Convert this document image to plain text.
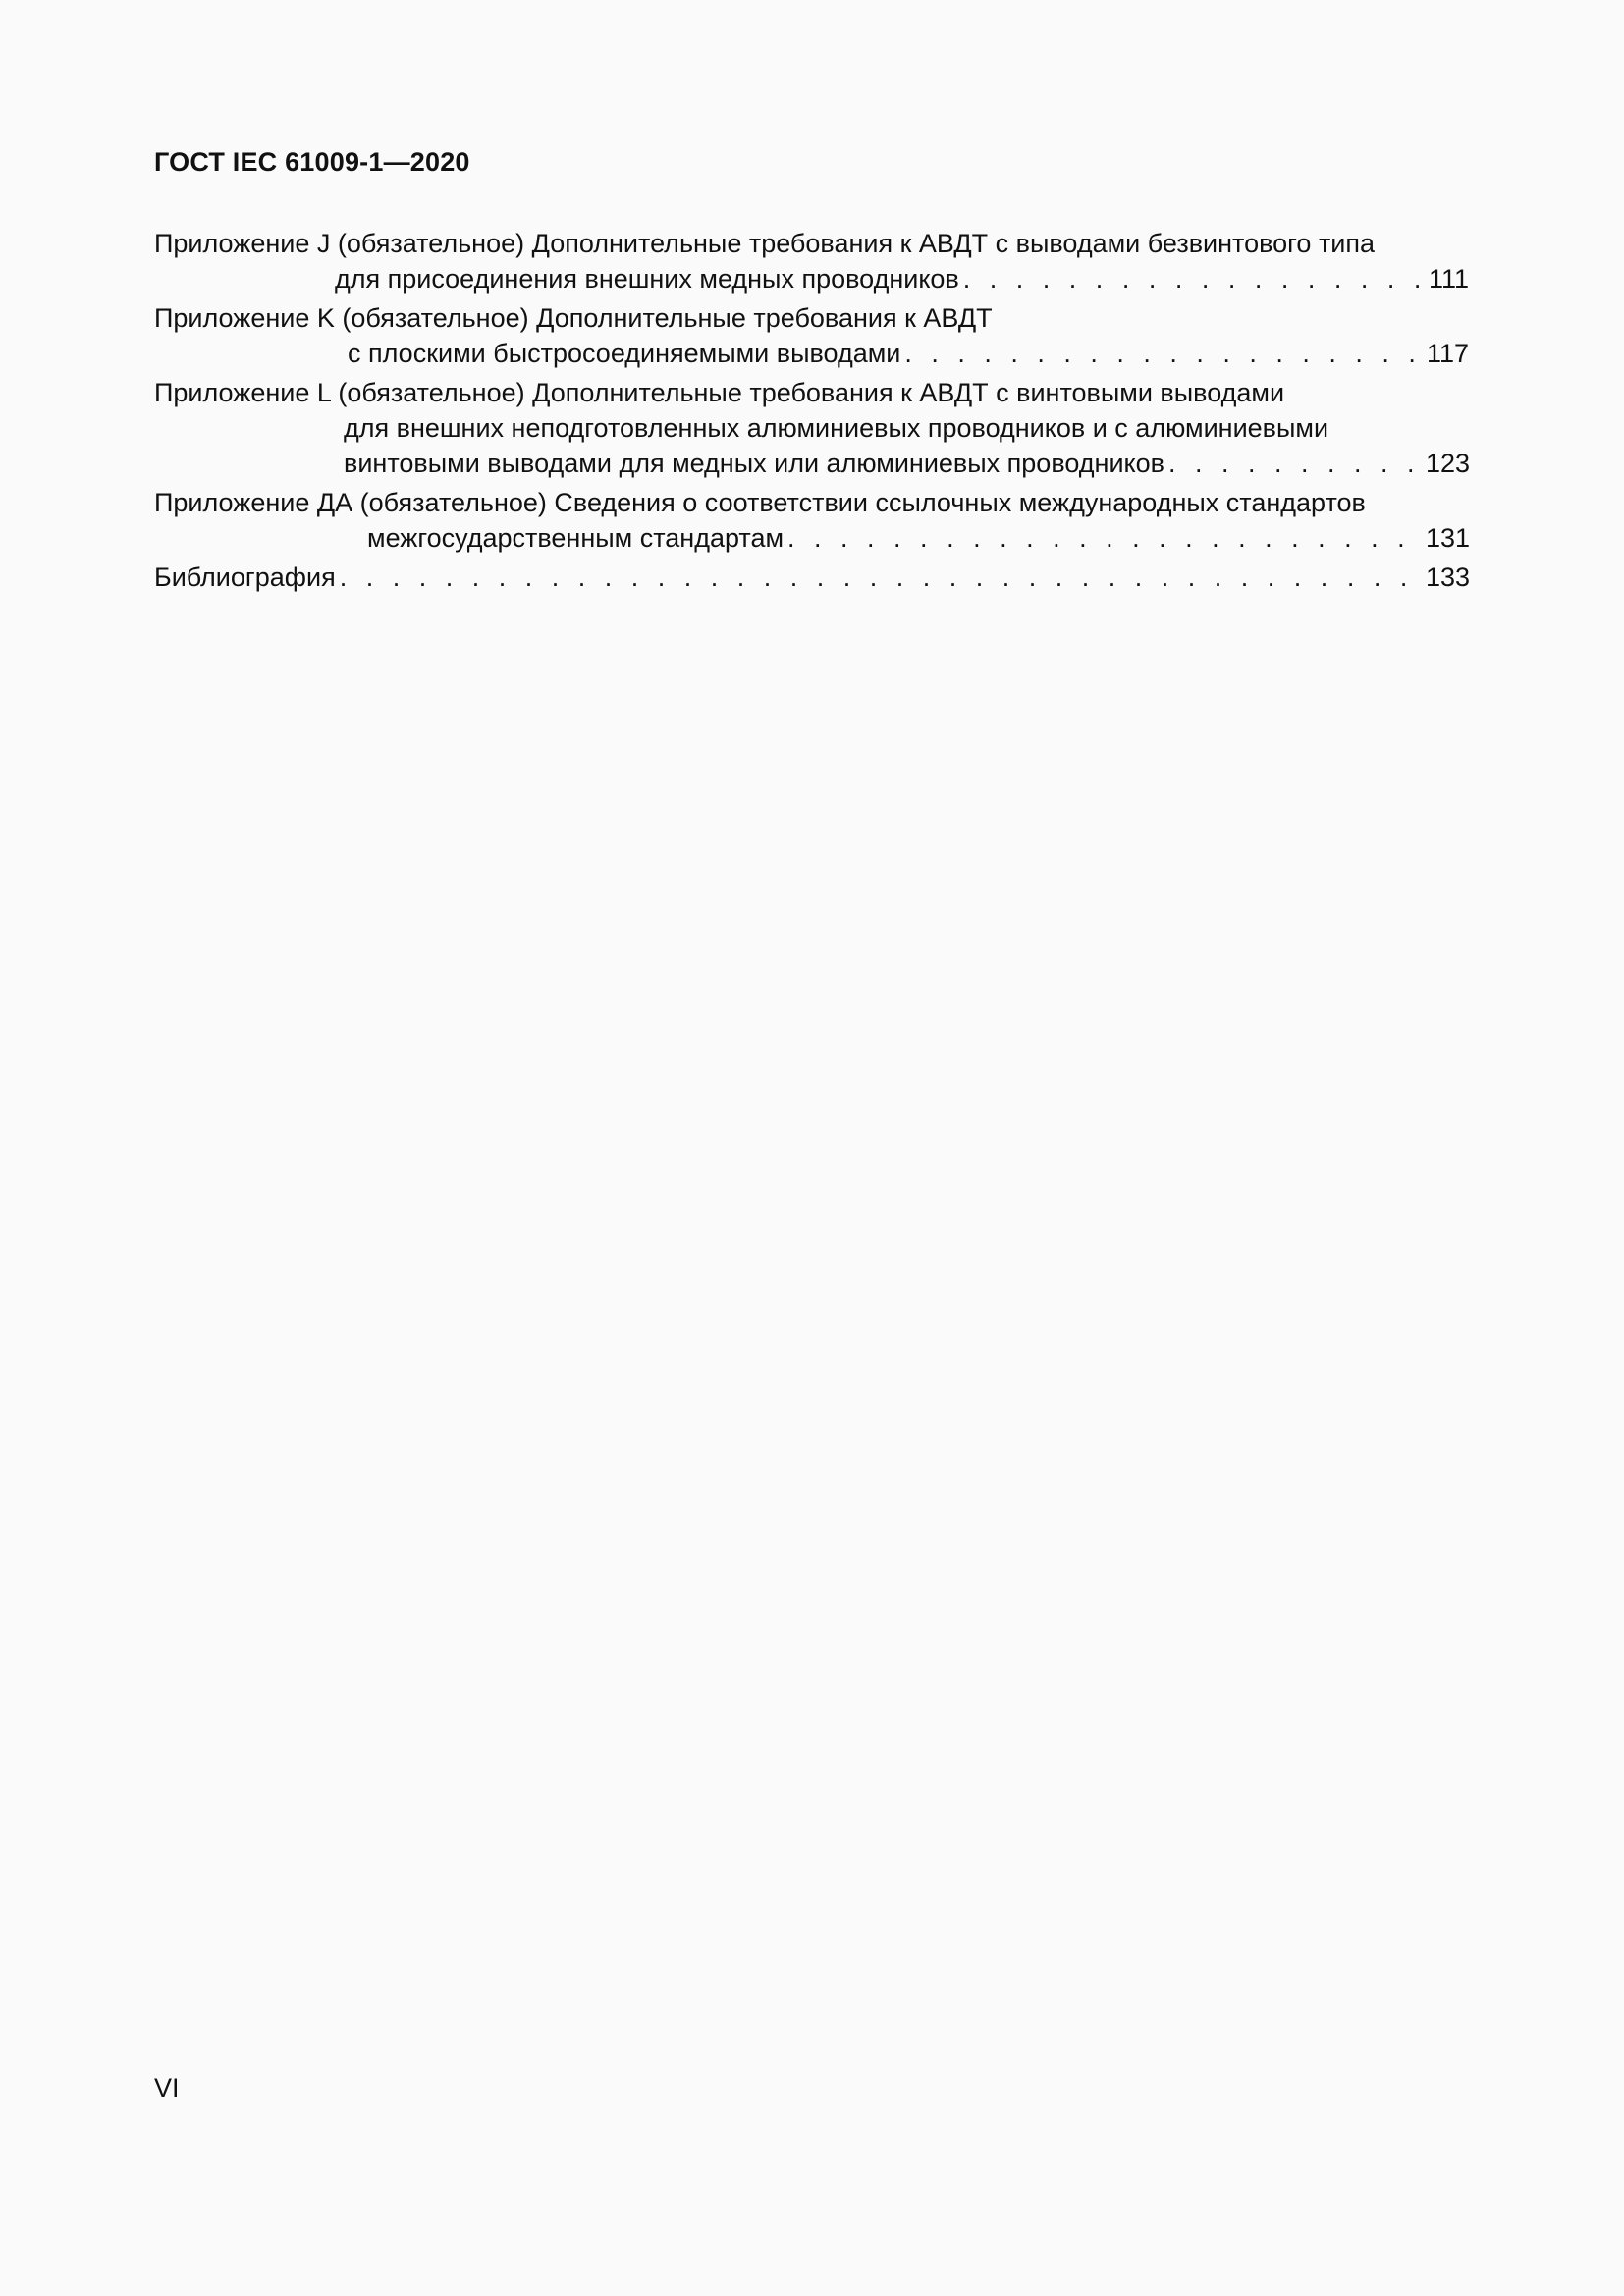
ГОСТ IEC 61009-1—2020
Приложение J (обязательное) Дополнительные требования к АВДТ с выводами безвинтового типа
для присоединения внешних медных проводников . . .	111
Приложение K (обязательное) Дополнительные требования к АВДТ
с плоскими быстросоединяемыми выводами . . .	117
Приложение L (обязательное) Дополнительные требования к АВДТ с винтовыми выводами
для внешних неподготовленных алюминиевых проводников и с алюминиевыми
винтовыми выводами для медных или алюминиевых проводников . . .	123
Приложение ДА (обязательное) Сведения о соответствии ссылочных международных стандартов
межгосударственным стандартам . . .	131
Библиография . . .	133
VI
